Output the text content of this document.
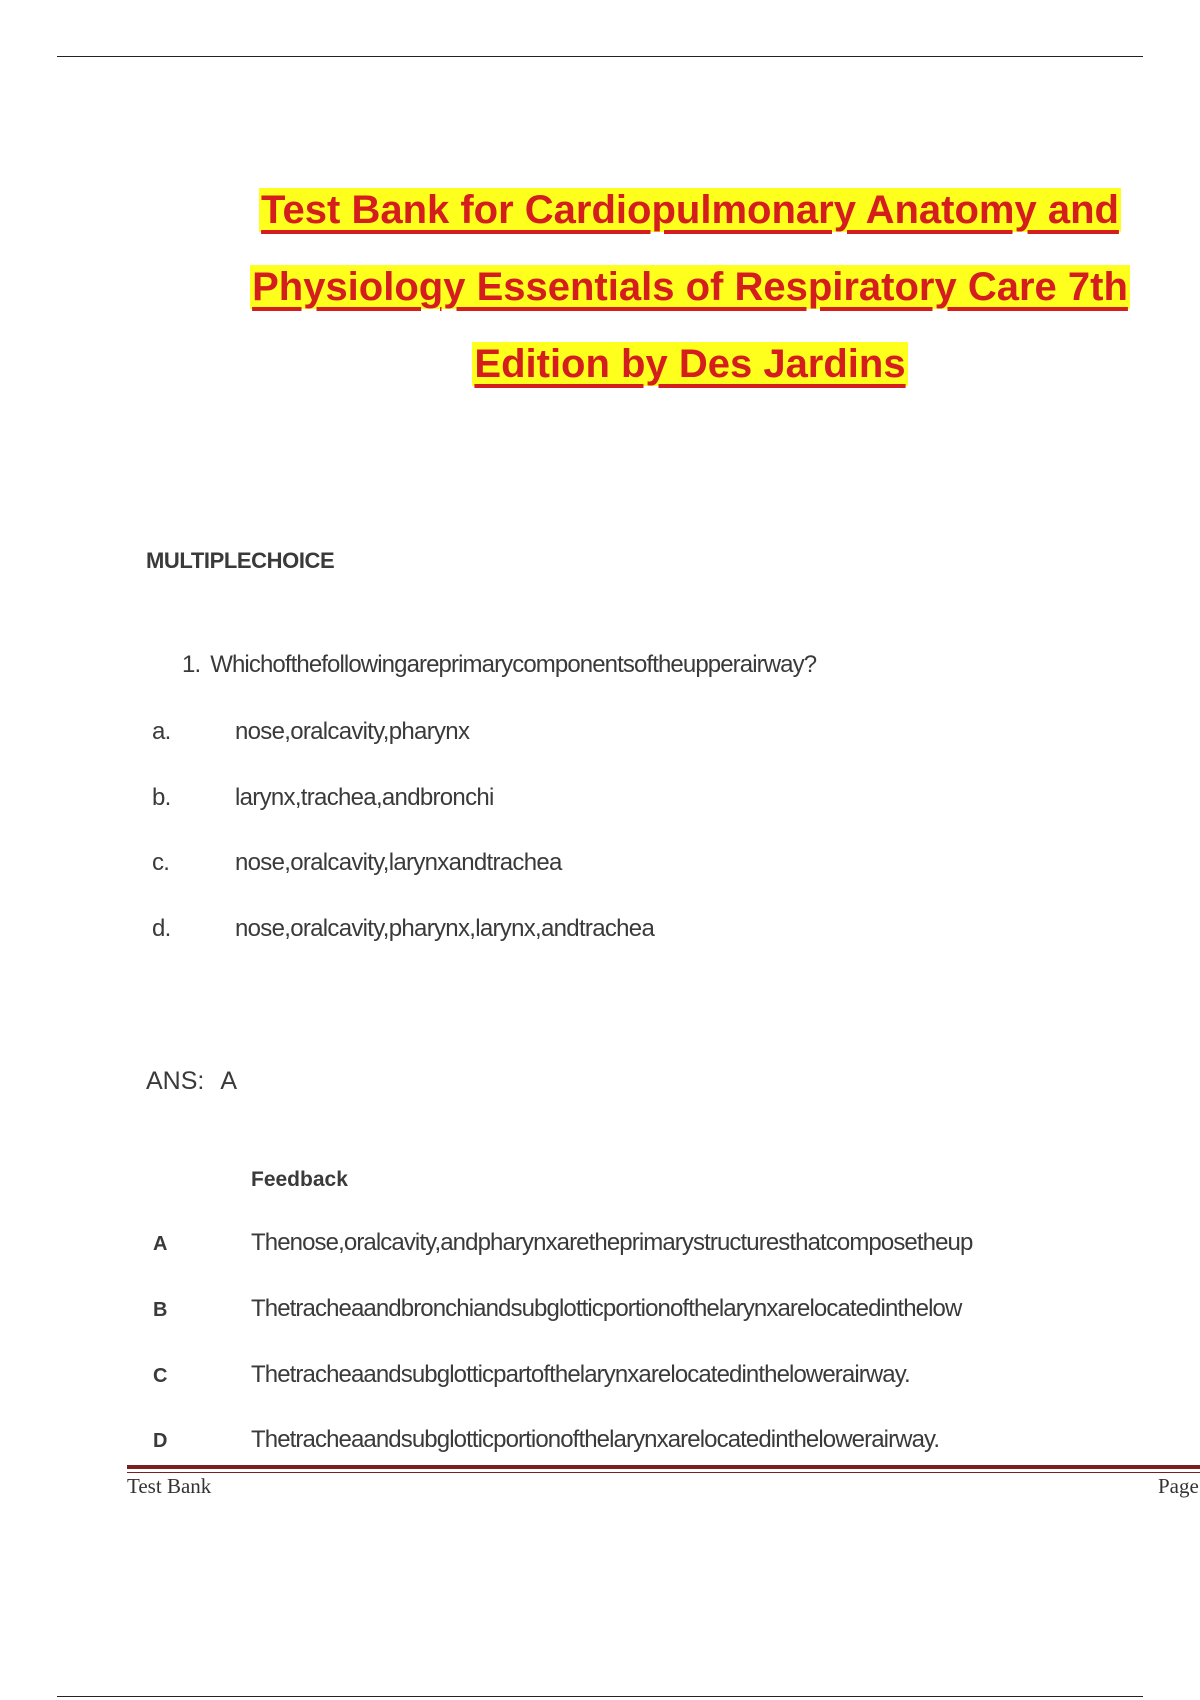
Test Bank for Cardiopulmonary Anatomy and
Physiology Essentials of Respiratory Care 7th
Edition by Des Jardins
MULTIPLECHOICE
1. Whichofthefollowingareprimarycomponentsoftheupperairway?
a.	nose,oralcavity,pharynx
b.	larynx,trachea,andbronchi
c.	nose,oralcavity,larynxandtrachea
d.	nose,oralcavity,pharynx,larynx,andtrachea
ANS: A
Feedback
A	Thenose,oralcavity,andpharynxaretheprimarystructuresthatcomposetheup
B	Thetracheaandbronchiandsubglotticportionofthelarynxarelocatedinthelow
C	Thetracheaandsubglotticpartofthelarynxarelocatedinthelowerairway.
D	Thetracheaandsubglotticportionofthelarynxarelocatedinthelowerairway.
Test Bank	Page
